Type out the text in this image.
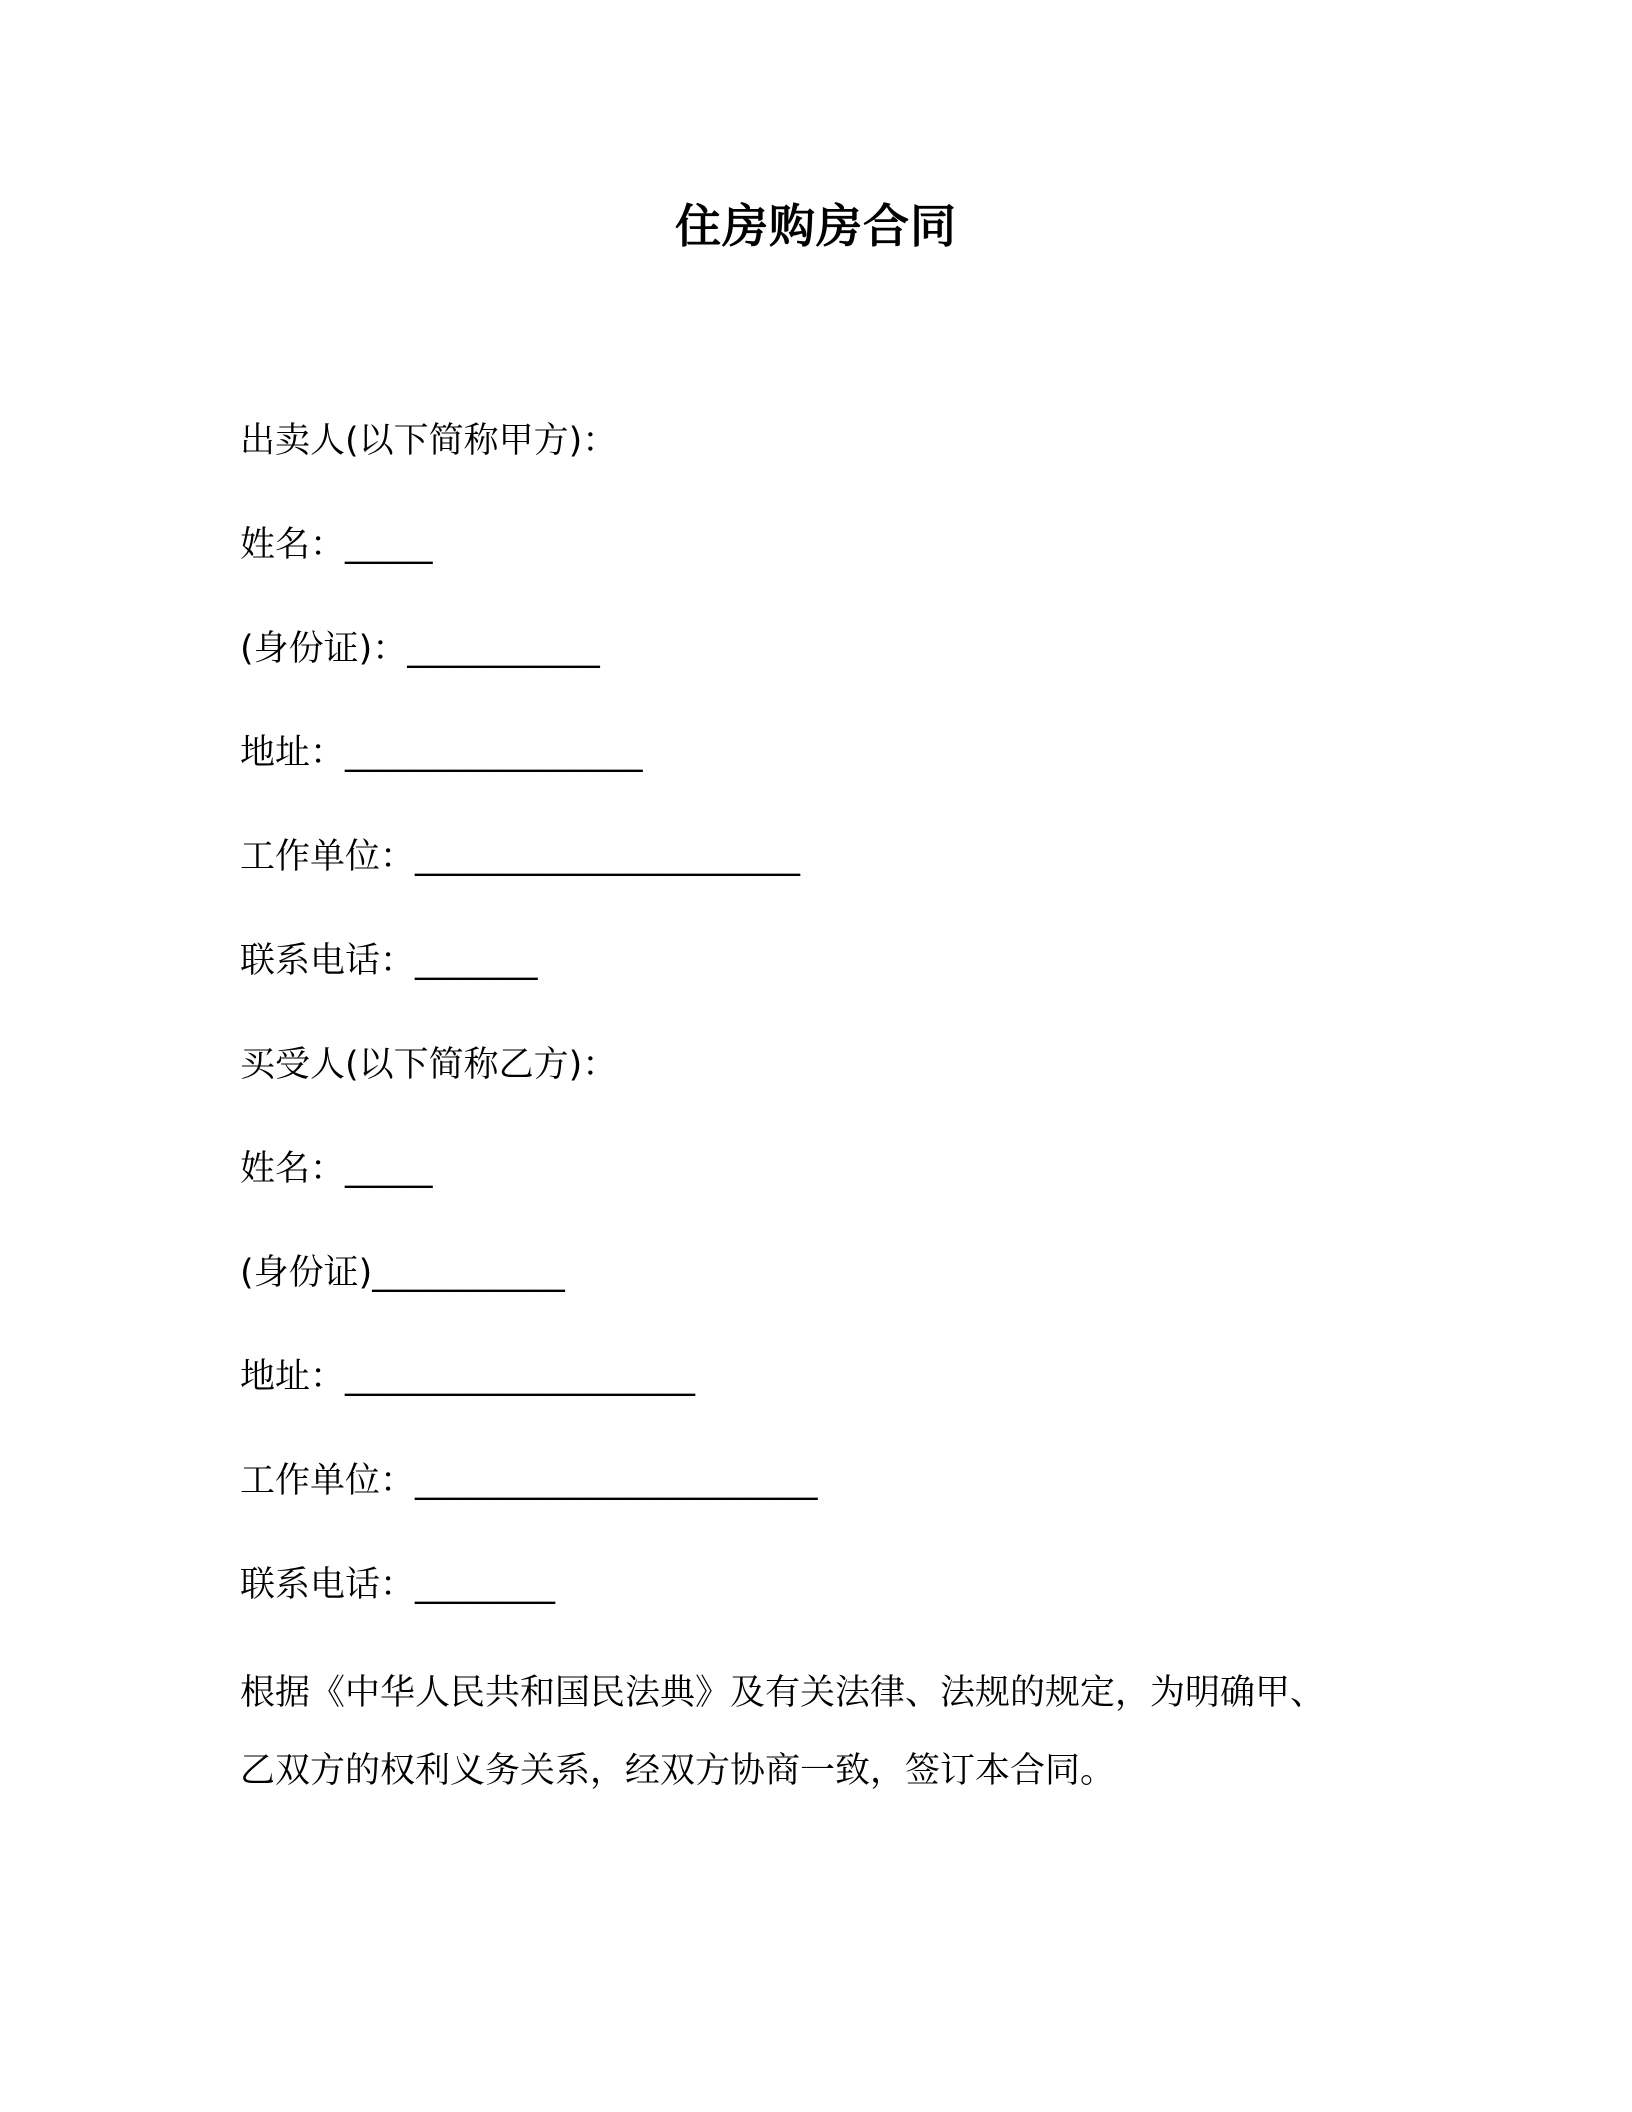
住房购房合同
出卖人(以下简称甲方)：
姓名：_____
(身份证)：___________
地址：_________________
工作单位：______________________
联系电话：_______
买受人(以下简称乙方)：
姓名：_____
(身份证)___________
地址：____________________
工作单位：_______________________
联系电话：________
根据《中华人民共和国民法典》及有关法律、法规的规定，为明确甲、
乙双方的权利义务关系，经双方协商一致，签订本合同。
